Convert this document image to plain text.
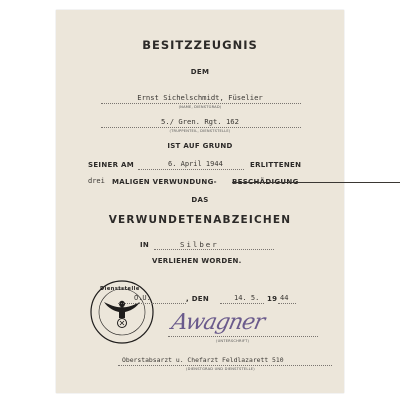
BESITZZEUGNIS
DEM
Ernst Sichelschmidt, Füselier
(NAME, DIENSTGRAD)
5./ Gren. Rgt. 162
(TRUPPENTEIL, DIENSTSTELLE)
IST AUF GRUND
SEINER AM	6. April 1944	ERLITTENEN
drei MALIGEN VERWUNDUNG- BESCHÄDIGUNG
DAS
VERWUNDETENABZEICHEN
IN	Silber
VERLIEHEN WORDEN.
Dienststelle
O.U.	, DEN	14. 5. 19 44
Awagner
(UNTERSCHRIFT)
Oberstabsarzt u. Chefarzt Feldlazarett 510
(DIENSTGRAD UND DIENSTSTELLE)
